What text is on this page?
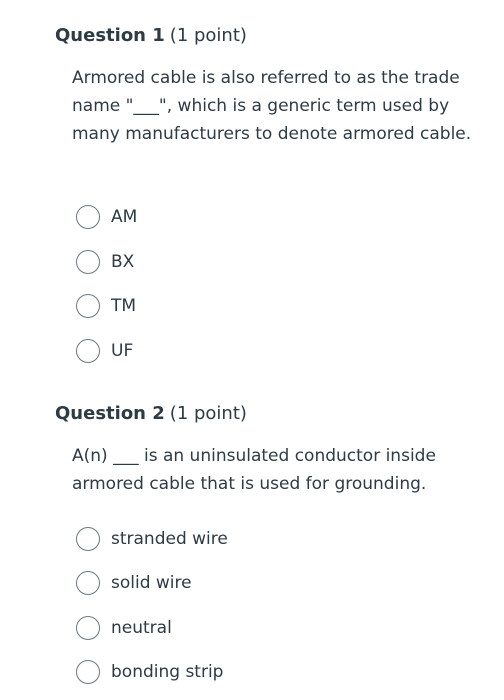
Question 1 (1 point)
Armored cable is also referred to as the trade name "___", which is a generic term used by many manufacturers to denote armored cable.
AM
BX
TM
UF
Question 2 (1 point)
A(n) ___ is an uninsulated conductor inside armored cable that is used for grounding.
stranded wire
solid wire
neutral
bonding strip
